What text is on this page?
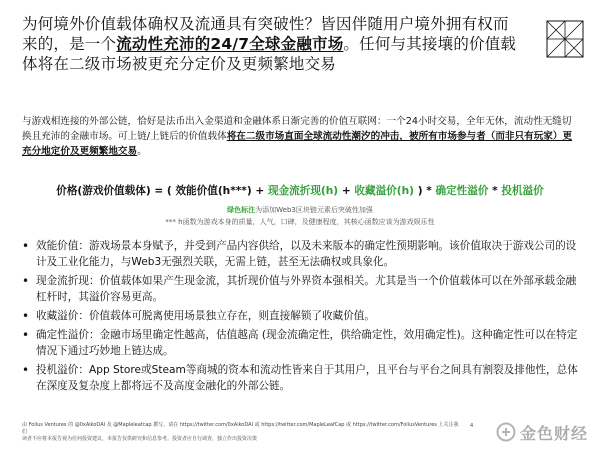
为何境外价值载体确权及流通具有突破性？皆因伴随用户境外拥有权而来的，是一个流动性充沛的24/7全球金融市场。任何与其接壤的价值载体将在二级市场被更充分定价及更频繁地交易
与游戏相连接的外部公链，恰好是法币出入金渠道和金融体系日渐完善的价值互联网：一个24小时交易，全年无休，流动性无缝切换且充沛的金融市场。可上链/上链后的价值载体将在二级市场直面全球流动性潮汐的冲击，被所有市场参与者（而非只有玩家）更充分地定价及更频繁地交易。
价格(游戏价值载体) = ( 效能价值(h***) + 现金流折现(h) + 收藏溢价(h) ) * 确定性溢价 * 投机溢价
绿色标注为添加Web3区块链元素后突破性加强
*** h函数为游戏本身的质量，人气，口碑，及健康程度，其核心函数应该为游戏娱乐性
• 效能价值：游戏场景本身赋予，并受到产品内容供给，以及未来版本的确定性预期影响。该价值取决于游戏公司的设计及工业化能力，与Web3无强烈关联，无需上链，甚至无法确权或具象化。
• 现金流折现：价值载体如果产生现金流，其折现价值与外界资本强相关。尤其是当一个价值载体可以在外部承载金融杠杆时，其溢价容易更高。
• 收藏溢价：价值载体可脱离使用场景独立存在，则直接解锁了收藏价值。
• 确定性溢价：金融市场里确定性越高，估值越高 (现金流确定性，供给确定性，效用确定性)。这种确定性可以在特定情况下通过巧妙地上链达成。
• 投机溢价：App Store或Steam等商城的资本和流动性皆来自于其用户，且平台与平台之间具有割裂及排他性，总体在深度及复杂度上都将远不及高度金融化的外部公链。
由 Folius Ventures 的 @0xAikoDAI 及 @Mapleleafcap 撰写。请在 https://twitter.com/0xAikoDAI 或 https://twitter.com/MapleLeafCap 或 https://twitter.com/FoliusVentures 上关注我们
读者不应将本报告视为任何投资建议，本报告仅供研究和信息参考。投资者应自行调查，独立作出投资决策
4	金色财经
